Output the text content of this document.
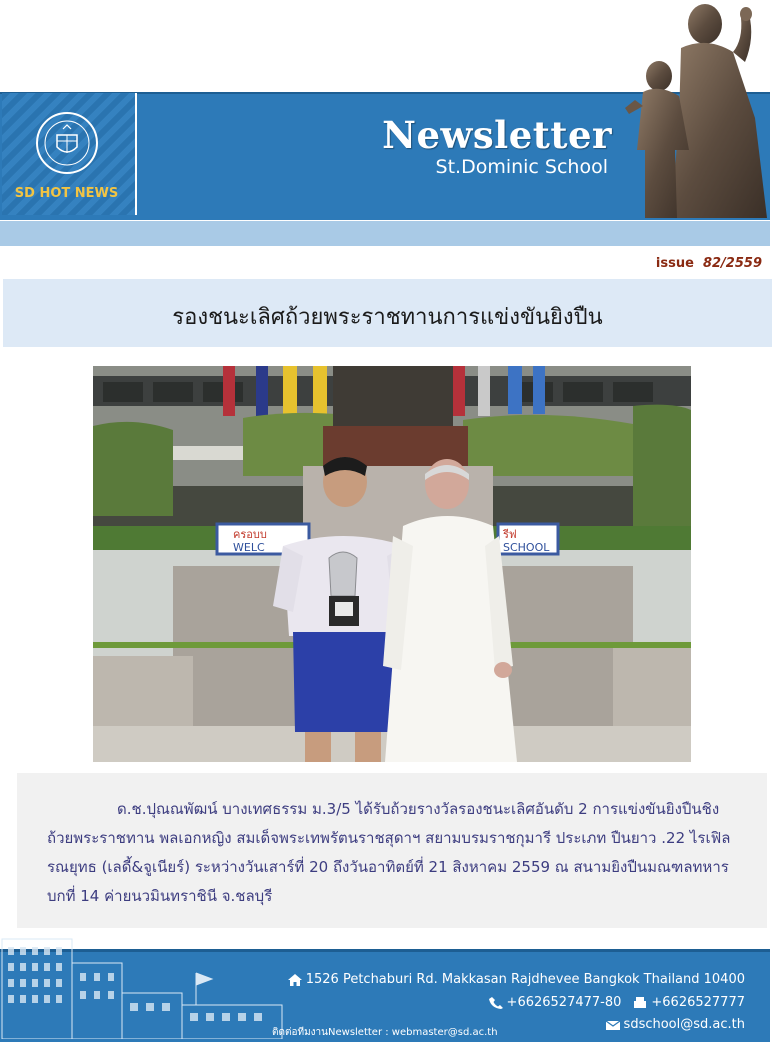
SD HOT NEWS
Newsletter
St.Dominic School
issue 82/2559
รองชนะเลิศถ้วยพระราชทานการแข่งขันยิงปืน
ครอบบ
WELC
รีฟ
SCHOOL
ด.ช.ปุณณพัฒน์ บางเทศธรรม ม.3/5 ได้รับถ้วยรางวัลรองชนะเลิศอันดับ 2 การแข่งขันยิงปืนชิงถ้วยพระราชทาน พลเอกหญิง สมเด็จพระเทพรัตนราชสุดาฯ สยามบรมราชกุมารี ประเภท ปืนยาว .22 ไรเฟิลรณยุทธ (เลดี้&จูเนียร์) ระหว่างวันเสาร์ที่ 20 ถึงวันอาทิตย์ที่ 21 สิงหาคม 2559 ณ สนามยิงปืนมณฑลทหารบกที่ 14 ค่ายนวมินทราชินี จ.ชลบุรี
1526 Petchaburi Rd. Makkasan Rajdhevee Bangkok Thailand 10400
+6626527477-80 +6626527777
sdschool@sd.ac.th
ติดต่อทีมงานNewsletter : webmaster@sd.ac.th
